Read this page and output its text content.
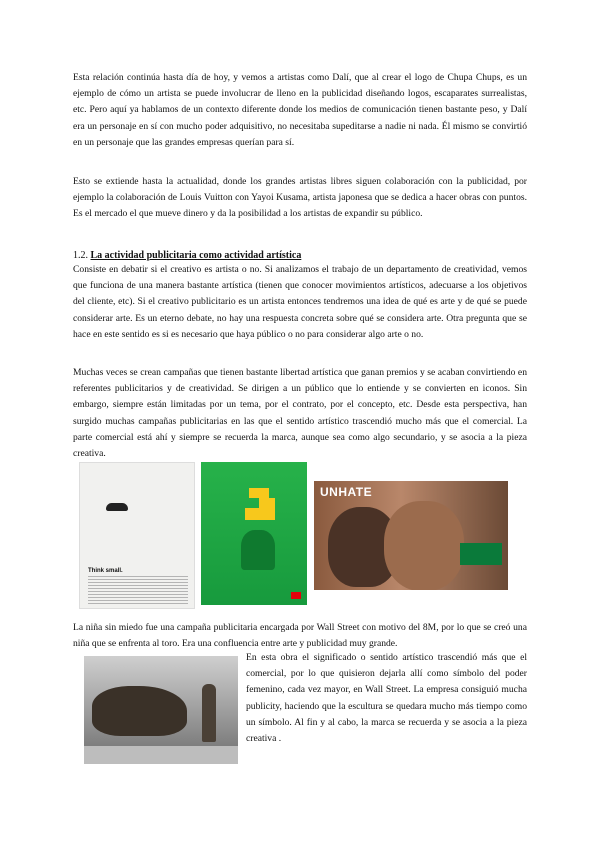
Esta relación continúa hasta día de hoy, y vemos a artistas como Dalí, que al crear el logo de Chupa Chups, es un ejemplo de cómo un artista se puede involucrar de lleno en la publicidad diseñando logos, escaparates surrealistas, etc. Pero aquí ya hablamos de un contexto diferente donde los medios de comunicación tienen bastante peso, y Dalí era un personaje en sí con mucho poder adquisitivo, no necesitaba supeditarse a nadie ni nada. Él mismo se convirtió en un personaje que las grandes empresas querían para sí.

Esto se extiende hasta la actualidad, donde los grandes artistas libres siguen colaboración con la publicidad, por ejemplo la colaboración de Louis Vuitton con Yayoi Kusama, artista japonesa que se dedica a hacer obras con puntos. Es el mercado el que mueve dinero y da la posibilidad a los artistas de expandir su público.

1.2. La actividad publicitaria como actividad artística

Consiste en debatir si el creativo es artista o no. Si analizamos el trabajo de un departamento de creatividad, vemos que funciona de una manera bastante artística (tienen que conocer movimientos artísticos, adecuarse a los objetivos del cliente, etc). Si el creativo publicitario es un artista entonces tendremos una idea de qué es arte y de qué se puede considerar arte. Es un eterno debate, no hay una respuesta concreta sobre qué se considera arte. Otra pregunta que se hace en este sentido es si es necesario que haya público o no para considerar algo arte o no.

Muchas veces se crean campañas que tienen bastante libertad artística que ganan premios y se acaban convirtiendo en referentes publicitarios y de creatividad. Se dirigen a un público que lo entiende y se convierten en iconos. Sin embargo, siempre están limitadas por un tema, por el contrato, por el concepto, etc. Desde esta perspectiva, han surgido muchas campañas publicitarias en las que el sentido artístico trascendió mucho más que el comercial. La parte comercial está ahí y siempre se recuerda la marca, aunque sea como algo secundario, y se asocia a la pieza creativa.

Think small.
UNHATE

La niña sin miedo fue una campaña publicitaria encargada por Wall Street con motivo del 8M, por lo que se creó una niña que se enfrenta al toro. Era una confluencia entre arte y publicidad muy grande.

En esta obra el significado o sentido artístico trascendió más que el comercial, por lo que quisieron dejarla allí como símbolo del poder femenino, cada vez mayor, en Wall Street. La empresa consiguió mucha publicity, haciendo que la escultura se quedara mucho más tiempo como un símbolo. Al fin y al cabo, la marca se recuerda y se asocia a la pieza creativa .
